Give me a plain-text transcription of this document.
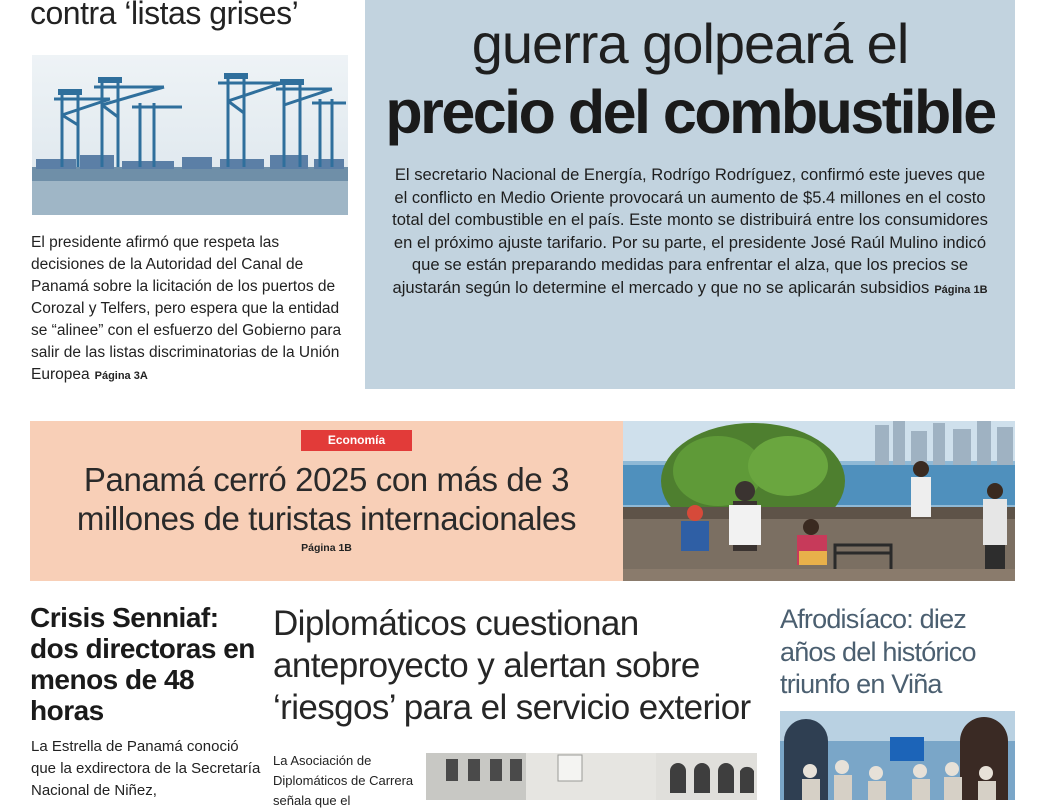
contra ‘listas grises’
El presidente afirmó que respeta las decisiones de la Autoridad del Canal de Panamá sobre la licitación de los puertos de Corozal y Telfers, pero espera que la entidad se “alinee” con el esfuerzo del Gobierno para salir de las listas discriminatorias de la Unión Europea Página 3A
guerra golpeará el
precio del combustible
El secretario Nacional de Energía, Rodrígo Rodríguez, confirmó este jueves que el conflicto en Medio Oriente provocará un aumento de $5.4 millones en el costo total del combustible en el país. Este monto se distribuirá entre los consumidores en el próximo ajuste tarifario. Por su parte, el presidente José Raúl Mulino indicó que se están preparando medidas para enfrentar el alza, que los precios se ajustarán según lo determine el mercado y que no se aplicarán subsidios Página 1B
Economía
Panamá cerró 2025 con más de 3 millones de turistas internacionales
Página 1B
Crisis Senniaf: dos directoras en menos de 48 horas
La Estrella de Panamá conoció que la exdirectora de la Secretaría Nacional de Niñez,
Diplomáticos cuestionan anteproyecto y alertan sobre ‘riesgos’ para el servicio exterior
La Asociación de Diplomáticos de Carrera señala que el
Afrodisíaco: diez años del histórico triunfo en Viña
